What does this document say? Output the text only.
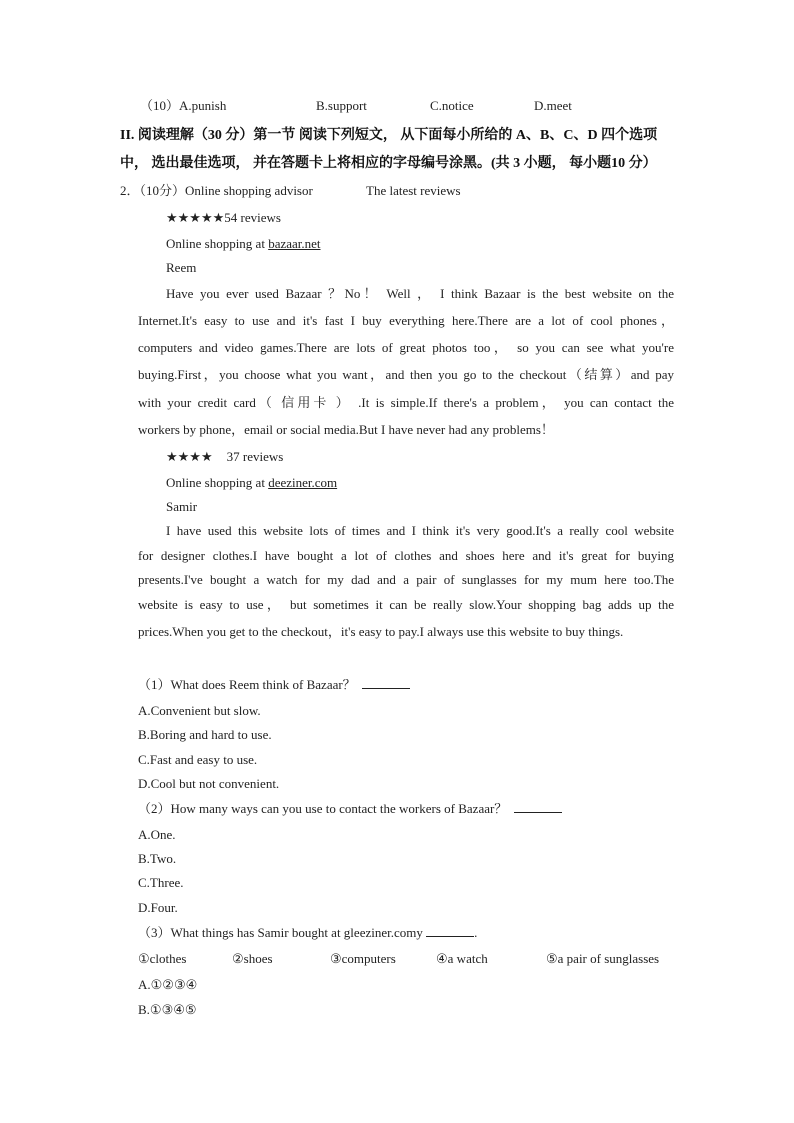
（10）A.punish	B.support	C.notice	D.meet
II. 阅读理解（30 分）第一节 阅读下列短文， 从下面每小所给的 A、B、C、D 四个选项
中， 选出最佳选项， 并在答题卡上将相应的字母编号涂黑。(共 3 小题， 每小题10 分）
2．（10分）Online shopping advisor	The latest reviews
★★★★★54 reviews
Online shopping at bazaar.net
Reem
Have you ever used Bazaar ？No！ Well ， I think Bazaar is the best website on the
Internet.It's easy to use and it's fast I buy everything here.There are a lot of cool phones，
computers and video games.There are lots of great photos too， so you can see what you're
buying.First，you choose what you want，and then you go to the checkout（结算）and pay
with your credit card（ 信用卡 ） .It is simple.If there's a problem， you can contact the
workers by phone，email or social media.But I have never had any problems！
★★★★ 37 reviews
Online shopping at deeziner.com
Samir
I have used this website lots of times and I think it's very good.It's a really cool website
for designer clothes.I have bought a lot of clothes and shoes here and it's great for buying
presents.I've bought a watch for my dad and a pair of sunglasses for my mum here too.The
website is easy to use， but sometimes it can be really slow.Your shopping bag adds up the
prices.When you get to the checkout，it's easy to pay.I always use this website to buy things.
（1）What does Reem think of Bazaar？
A.Convenient but slow.
B.Boring and hard to use.
C.Fast and easy to use.
D.Cool but not convenient.
（2）How many ways can you use to contact the workers of Bazaar？
A.One.
B.Two.
C.Three.
D.Four.
（3）What things has Samir bought at gleeziner.comy	.
①clothes	②shoes	③computers	④a watch	⑤a pair of sunglasses
A.①②③④
B.①③④⑤
